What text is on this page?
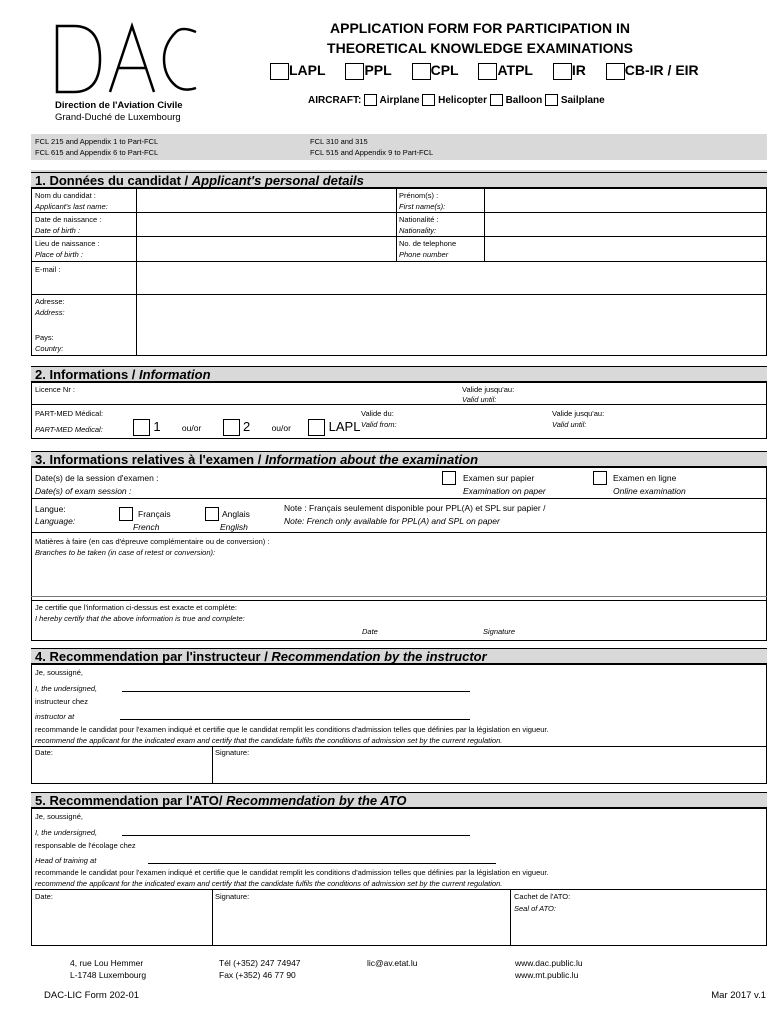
Direction de l'Aviation Civile
Grand-Duché de Luxembourg
APPLICATION FORM FOR PARTICIPATION IN
THEORETICAL KNOWLEDGE EXAMINATIONS
LAPL	PPL	CPL	ATPL	IR	CB-IR / EIR
AIRCRAFT: Airplane Helicopter Balloon Sailplane
FCL 215 and Appendix 1 to Part-FCL
FCL 615 and Appendix 6 to Part-FCL
FCL 310 and 315
FCL 515 and Appendix 9 to Part-FCL
1. Données du candidat / Applicant's personal details
Nom du candidat :
Applicant's last name:
Prénom(s) :
First name(s):
Date de naissance :
Date of birth :
Nationalité :
Nationality:
Lieu de naissance :
Place of birth :
No. de telephone
Phone number
E-mail :
Adresse:
Address:
Pays:
Country:
2. Informations / Information
Licence Nr :	Valide jusqu'au:
Valid until:
PART-MED Médical:
PART-MED Medical:	1	ou/or	2	ou/or	LAPL
Valide du:
Valid from:
Valide jusqu'au:
Valid until:
3. Informations relatives à l'examen / Information about the examination
Date(s) de la session d'examen :
Date(s) of exam session :
Examen sur papier
Examination on paper
Examen en ligne
Online examination
Langue:
Language:
Français
French
Anglais
English
Note : Français seulement disponible pour PPL(A) et SPL sur papier /
Note: French only available for PPL(A) and SPL on paper
Matières à faire (en cas d'épreuve complémentaire ou de conversion) :
Branches to be taken (in case of retest or conversion):
Je certifie que l'information ci-dessus est exacte et complète:
I hereby certify that the above information is true and complete:
Date	Signature
4. Recommendation par l'instructeur / Recommendation by the instructor
Je, soussigné,
I, the undersigned,
instructeur chez
instructor at
recommande le candidat pour l'examen indiqué et certifie que le candidat remplit les conditions d'admission telles que définies par la législation en vigueur.
recommend the applicant for the indicated exam and certify that the candidate fulfils the conditions of admission set by the current regulation.
Date:	Signature:
5. Recommendation par l'ATO/ Recommendation by the ATO
Je, soussigné,
I, the undersigned,
responsable de l'écolage chez
Head of training at
recommande le candidat pour l'examen indiqué et certifie que le candidat remplit les conditions d'admission telles que définies par la législation en vigueur.
recommend the applicant for the indicated exam and certify that the candidate fulfils the conditions of admission set by the current regulation.
Date:	Signature:	Cachet de l'ATO:
Seal of ATO:
4, rue Lou Hemmer
L-1748 Luxembourg
Tél (+352) 247 74947
Fax (+352) 46 77 90
lic@av.etat.lu	www.dac.public.lu
www.mt.public.lu
DAC-LIC Form 202-01	Mar 2017 v.1
